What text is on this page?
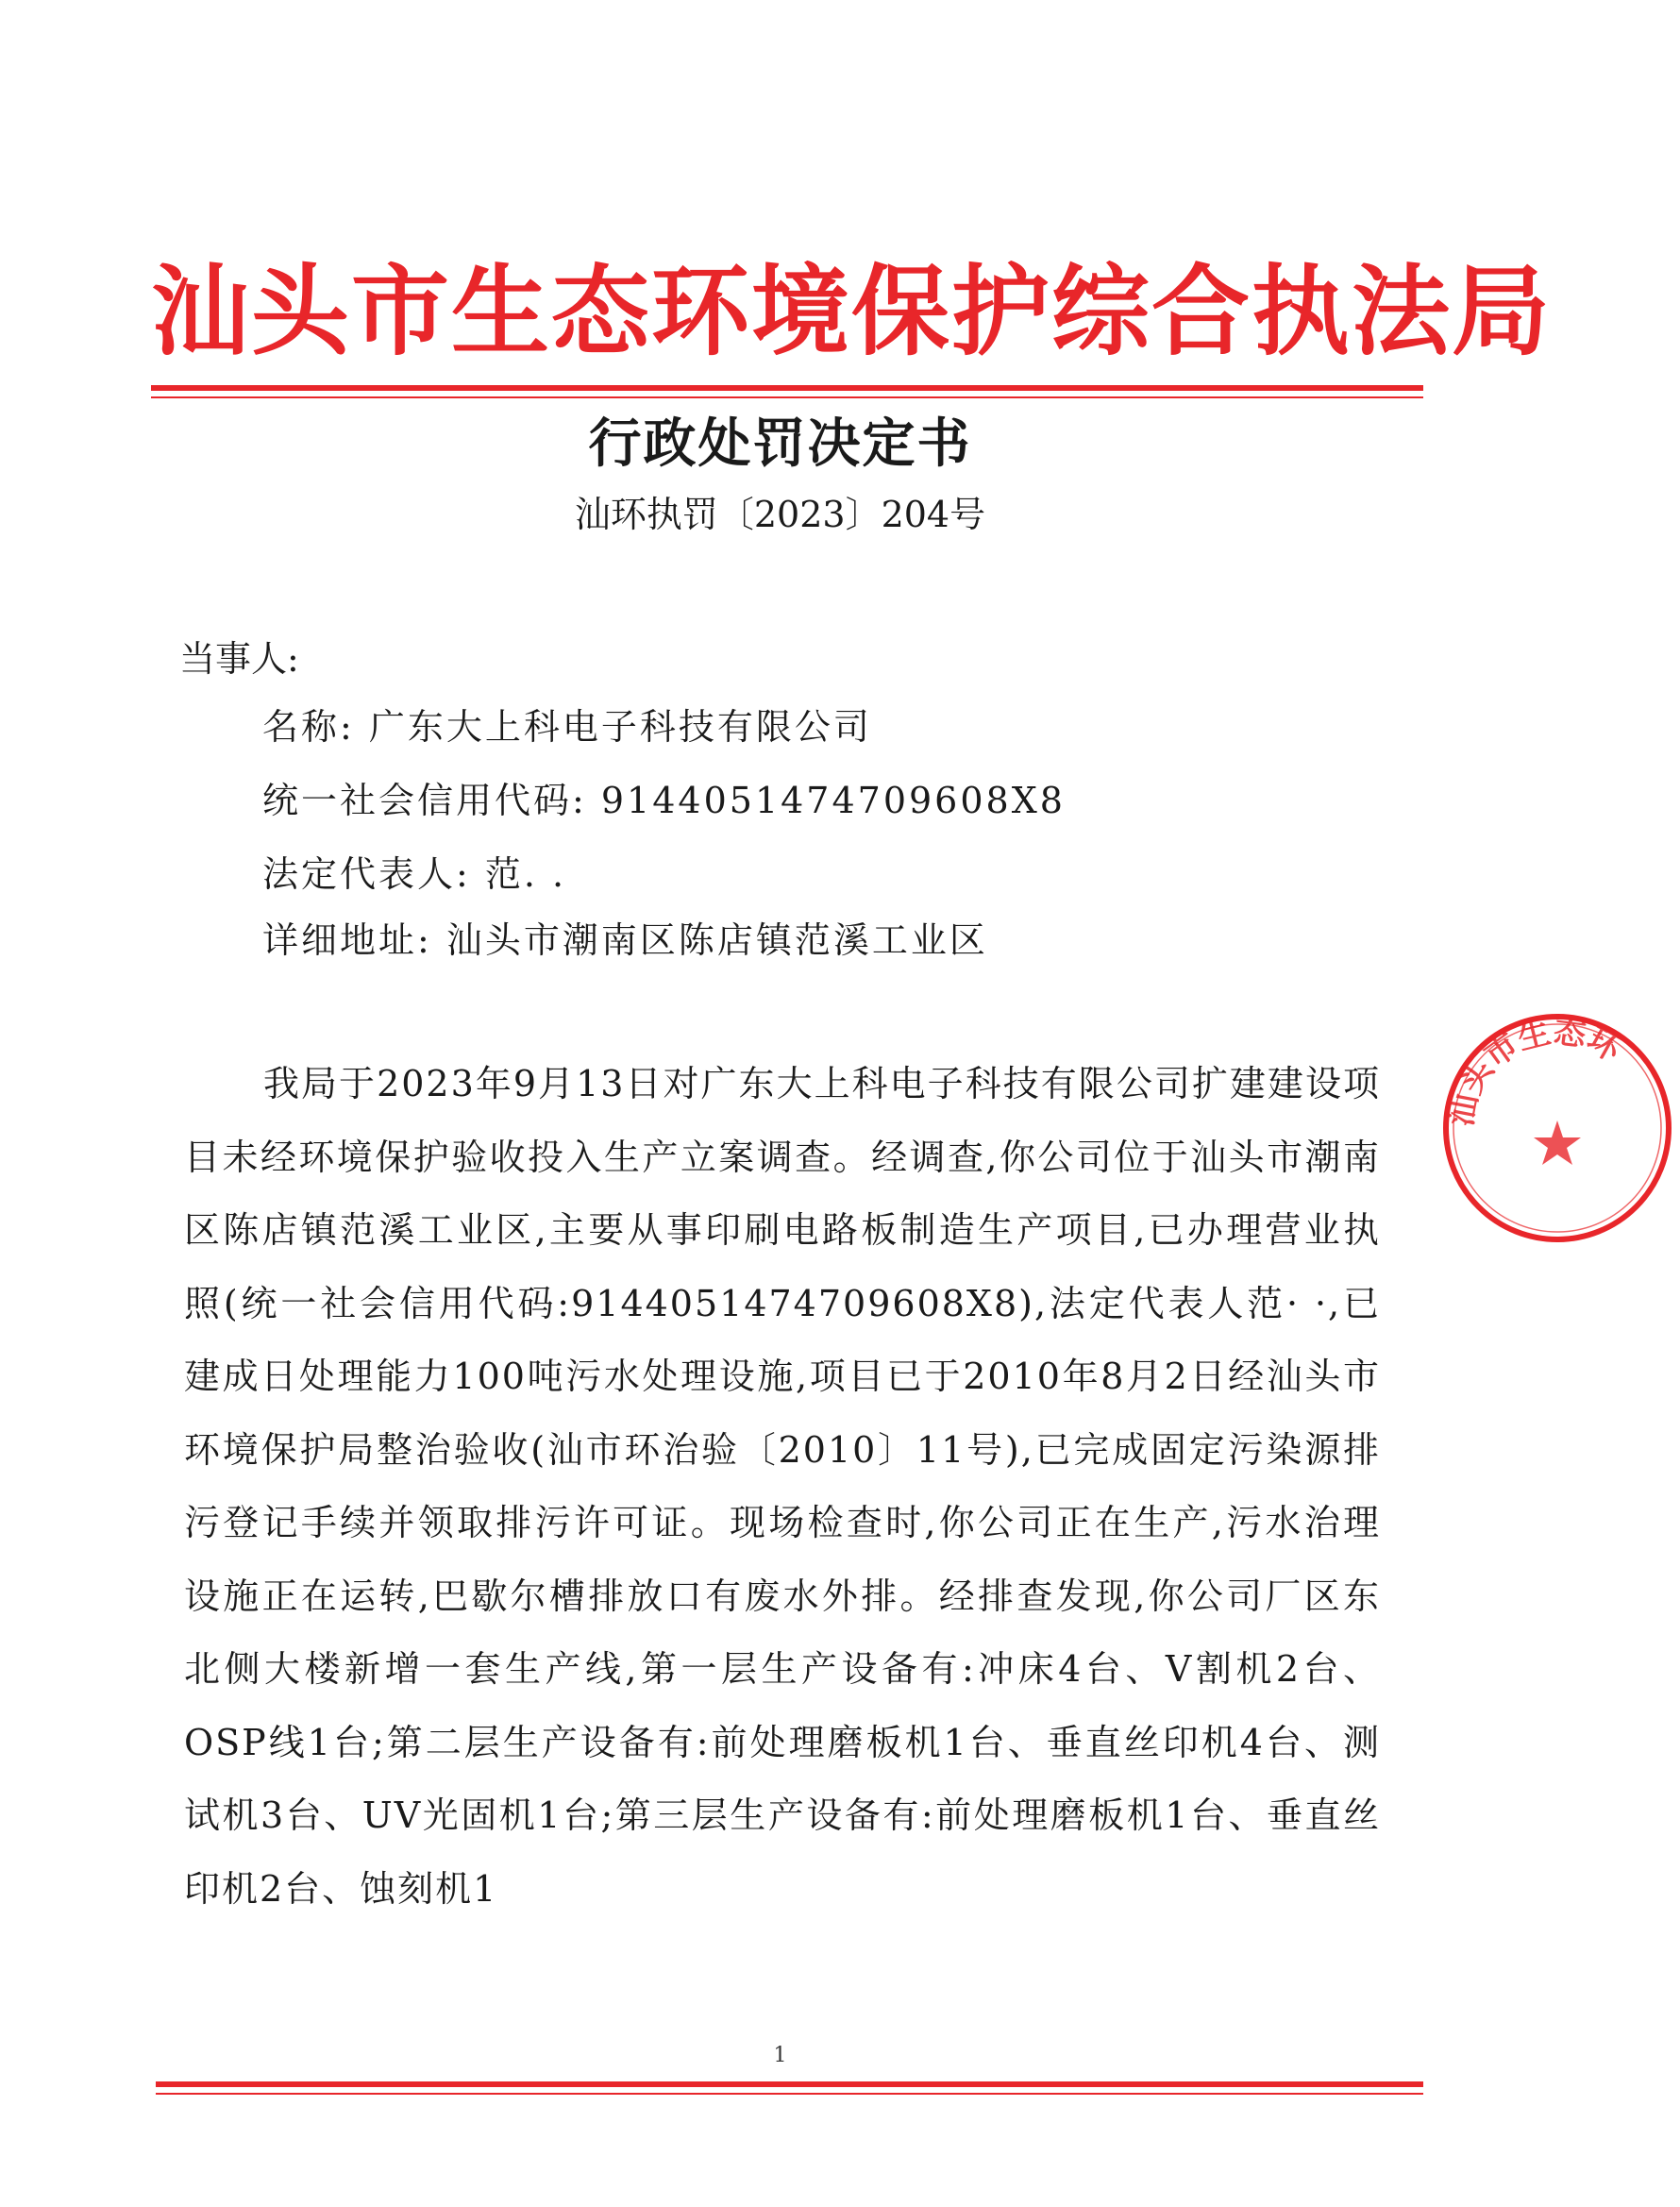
汕头市生态环境保护综合执法局
行政处罚决定书
汕环执罚〔2023〕204号
当事人:
名称: 广东大上科电子科技有限公司
统一社会信用代码: 9144051474709608X8
法定代表人: 范. .
详细地址: 汕头市潮南区陈店镇范溪工业区

我局于2023年9月13日对广东大上科电子科技有限公司扩建建设项目未经环境保护验收投入生产立案调查。经调查,你公司位于汕头市潮南区陈店镇范溪工业区,主要从事印刷电路板制造生产项目,已办理营业执照(统一社会信用代码:9144051474709608X8),法定代表人范· ·,已建成日处理能力100吨污水处理设施,项目已于2010年8月2日经汕头市环境保护局整治验收(汕市环治验〔2010〕11号),已完成固定污染源排污登记手续并领取排污许可证。现场检查时,你公司正在生产,污水治理设施正在运转,巴歇尔槽排放口有废水外排。经排查发现,你公司厂区东北侧大楼新增一套生产线,第一层生产设备有:冲床4台、V割机2台、OSP线1台;第二层生产设备有:前处理磨板机1台、垂直丝印机4台、测试机3台、UV光固机1台;第三层生产设备有:前处理磨板机1台、垂直丝印机2台、蚀刻机1

汕头市生态环
1
